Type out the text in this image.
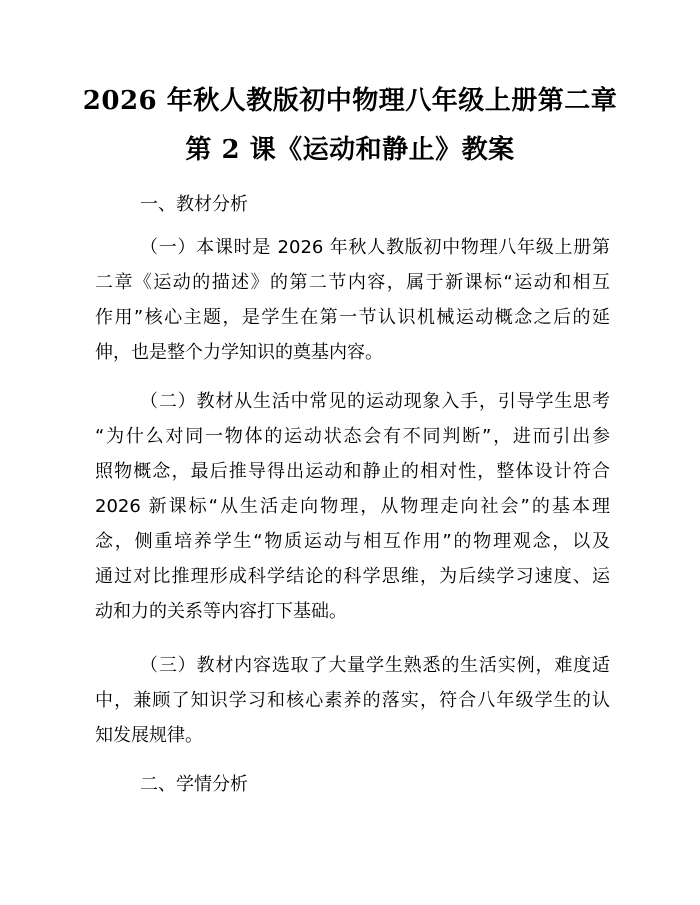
2026 年秋人教版初中物理八年级上册第二章
第 2 课《运动和静止》教案
一、教材分析
（一）本课时是 2026 年秋人教版初中物理八年级上册第
二章《运动的描述》的第二节内容，属于新课标“运动和相互
作用”核心主题，是学生在第一节认识机械运动概念之后的延
伸，也是整个力学知识的奠基内容。
（二）教材从生活中常见的运动现象入手，引导学生思考
“为什么对同一物体的运动状态会有不同判断”，进而引出参
照物概念，最后推导得出运动和静止的相对性，整体设计符合
2026 新课标“从生活走向物理，从物理走向社会”的基本理
念，侧重培养学生“物质运动与相互作用”的物理观念，以及
通过对比推理形成科学结论的科学思维，为后续学习速度、运
动和力的关系等内容打下基础。
（三）教材内容选取了大量学生熟悉的生活实例，难度适
中，兼顾了知识学习和核心素养的落实，符合八年级学生的认
知发展规律。
二、学情分析
